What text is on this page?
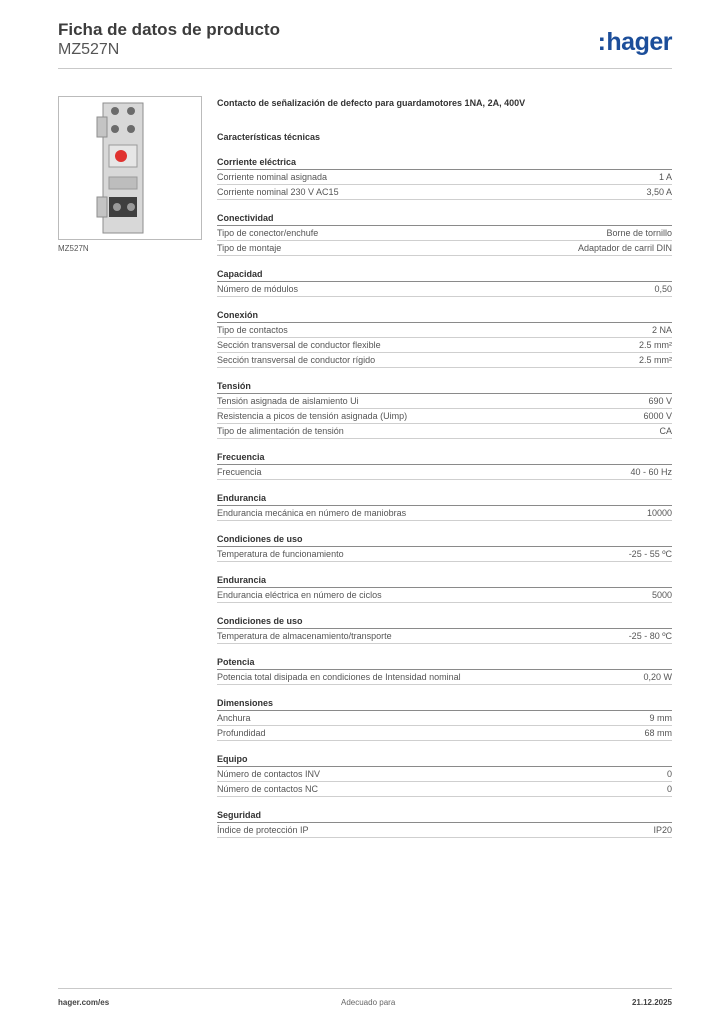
Ficha de datos de producto
MZ527N	:hager
MZ527N
Contacto de señalización de defecto para guardamotores 1NA, 2A, 400V
Características técnicas
Corriente eléctrica
Corriente nominal asignada	1 A
Corriente nominal 230 V AC15	3,50 A
Conectividad
Tipo de conector/enchufe	Borne de tornillo
Tipo de montaje	Adaptador de carril DIN
Capacidad
Número de módulos	0,50
Conexión
Tipo de contactos	2 NA
Sección transversal de conductor flexible	2.5 mm²
Sección transversal de conductor rígido	2.5 mm²
Tensión
Tensión asignada de aislamiento Ui	690 V
Resistencia a picos de tensión asignada (Uimp)	6000 V
Tipo de alimentación de tensión	CA
Frecuencia
Frecuencia	40 - 60 Hz
Endurancia
Endurancia mecánica en número de maniobras	10000
Condiciones de uso
Temperatura de funcionamiento	-25 - 55 ºC
Endurancia
Endurancia eléctrica en número de ciclos	5000
Condiciones de uso
Temperatura de almacenamiento/transporte	-25 - 80 ºC
Potencia
Potencia total disipada en condiciones de Intensidad nominal	0,20 W
Dimensiones
Anchura	9 mm
Profundidad	68 mm
Equipo
Número de contactos INV	0
Número de contactos NC	0
Seguridad
Índice de protección IP	IP20
hager.com/es	Adecuado para	21.12.2025
